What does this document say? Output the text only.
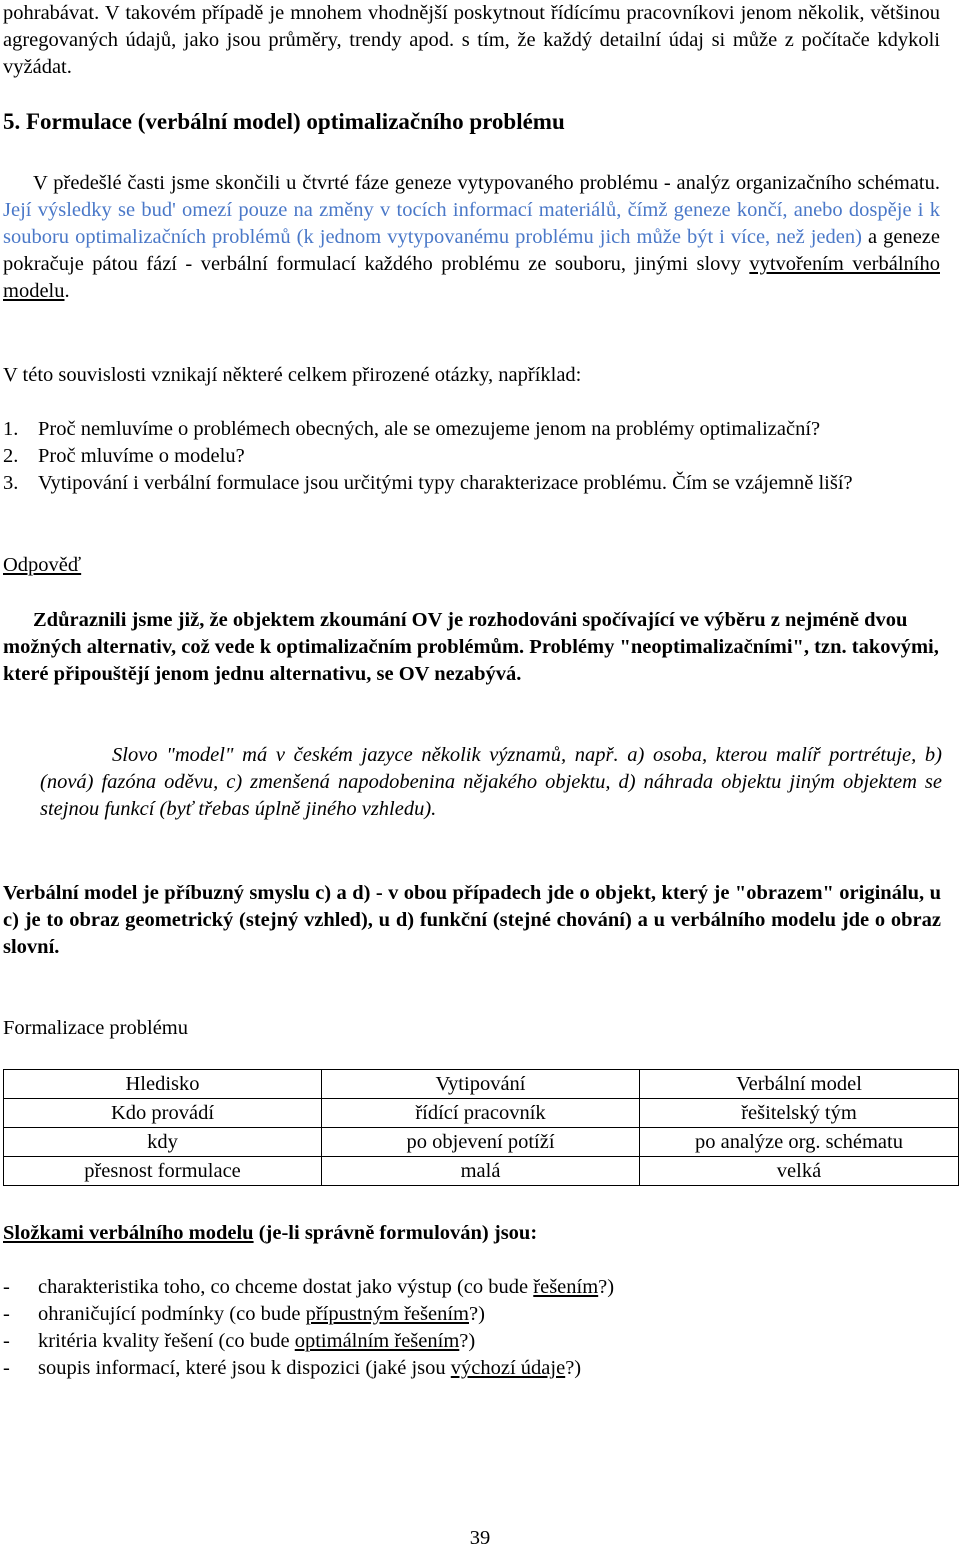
pohrabávat. V takovém případě je mnohem vhodnější poskytnout řídícímu pracovníkovi jenom několik, většinou agregovaných údajů, jako jsou průměry, trendy apod. s tím, že každý detailní údaj si může z počítače kdykoli vyžádat.

5. Formulace (verbální model) optimalizačního problému

V předešlé časti jsme skončili u čtvrté fáze geneze vytypovaného problému - analýz organizačního schématu. Její výsledky se bud' omezí pouze na změny v tocích informací materiálů, čímž geneze končí, anebo dospěje i k souboru optimalizačních problémů (k jednom vytypovanému problému jich může být i více, než jeden) a geneze pokračuje pátou fází - verbální formulací každého problému ze souboru, jinými slovy vytvořením verbálního modelu.

V této souvislosti vznikají některé celkem přirozené otázky, například:
1. Proč nemluvíme o problémech obecných, ale se omezujeme jenom na problémy optimalizační?
2. Proč mluvíme o modelu?
3. Vytipování i verbální formulace jsou určitými typy charakterizace problému. Čím se vzájemně liší?
Odpověď

Zdůraznili jsme již, že objektem zkoumání OV je rozhodováni spočívající ve výběru z nejméně dvou možných alternativ, což vede k optimalizačním problémům. Problémy "neoptimalizačními", tzn. takovými, které připouštějí jenom jednu alternativu, se OV nezabývá.

Slovo "model" má v českém jazyce několik významů, např. a) osoba, kterou malíř portrétuje, b) (nová) fazóna oděvu, c) zmenšená napodobenina nějakého objektu, d) náhrada objektu jiným objektem se stejnou funkcí (byť třebas úplně jiného vzhledu).

Verbální model je příbuzný smyslu c) a d) - v obou případech jde o objekt, který je "obrazem" originálu, u c) je to obraz geometrický (stejný vzhled), u d) funkční (stejné chování) a u verbálního modelu jde o obraz slovní.

Formalizace problému
Hledisko	Vytipování	Verbální model
Kdo provádí	řídící pracovník	řešitelský tým
kdy	po objevení potíží	po analýze org. schématu
přesnost formulace	malá	velká
Složkami verbálního modelu (je-li správně formulován) jsou:
- charakteristika toho, co chceme dostat jako výstup (co bude řešením?)
- ohraničující podmínky (co bude přípustným řešením?)
- kritéria kvality řešení (co bude optimálním řešením?)
- soupis informací, které jsou k dispozici (jaké jsou výchozí údaje?)
39
